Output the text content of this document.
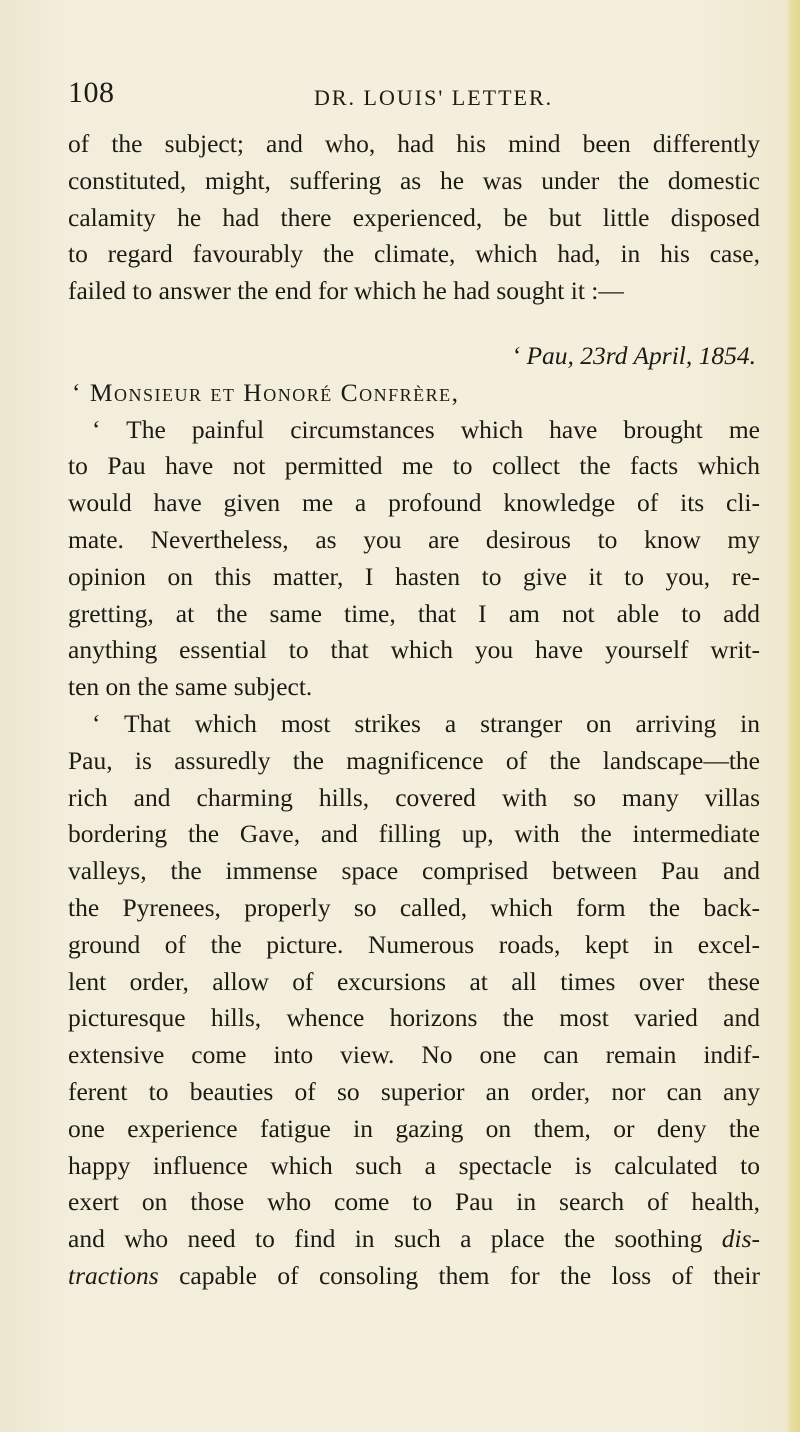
108	DR. LOUIS' LETTER.
of the subject; and who, had his mind been differently
constituted, might, suffering as he was under the domestic
calamity he had there experienced, be but little disposed
to regard favourably the climate, which had, in his case,
failed to answer the end for which he had sought it :—
‘ Pau, 23rd April, 1854.
‘ Monsieur et Honoré Confrère,
‘ The painful circumstances which have brought me
to Pau have not permitted me to collect the facts which
would have given me a profound knowledge of its cli-
mate. Nevertheless, as you are desirous to know my
opinion on this matter, I hasten to give it to you, re-
gretting, at the same time, that I am not able to add
anything essential to that which you have yourself writ-
ten on the same subject.
‘ That which most strikes a stranger on arriving in
Pau, is assuredly the magnificence of the landscape—the
rich and charming hills, covered with so many villas
bordering the Gave, and filling up, with the intermediate
valleys, the immense space comprised between Pau and
the Pyrenees, properly so called, which form the back-
ground of the picture. Numerous roads, kept in excel-
lent order, allow of excursions at all times over these
picturesque hills, whence horizons the most varied and
extensive come into view. No one can remain indif-
ferent to beauties of so superior an order, nor can any
one experience fatigue in gazing on them, or deny the
happy influence which such a spectacle is calculated to
exert on those who come to Pau in search of health,
and who need to find in such a place the soothing dis-
tractions capable of consoling them for the loss of their
